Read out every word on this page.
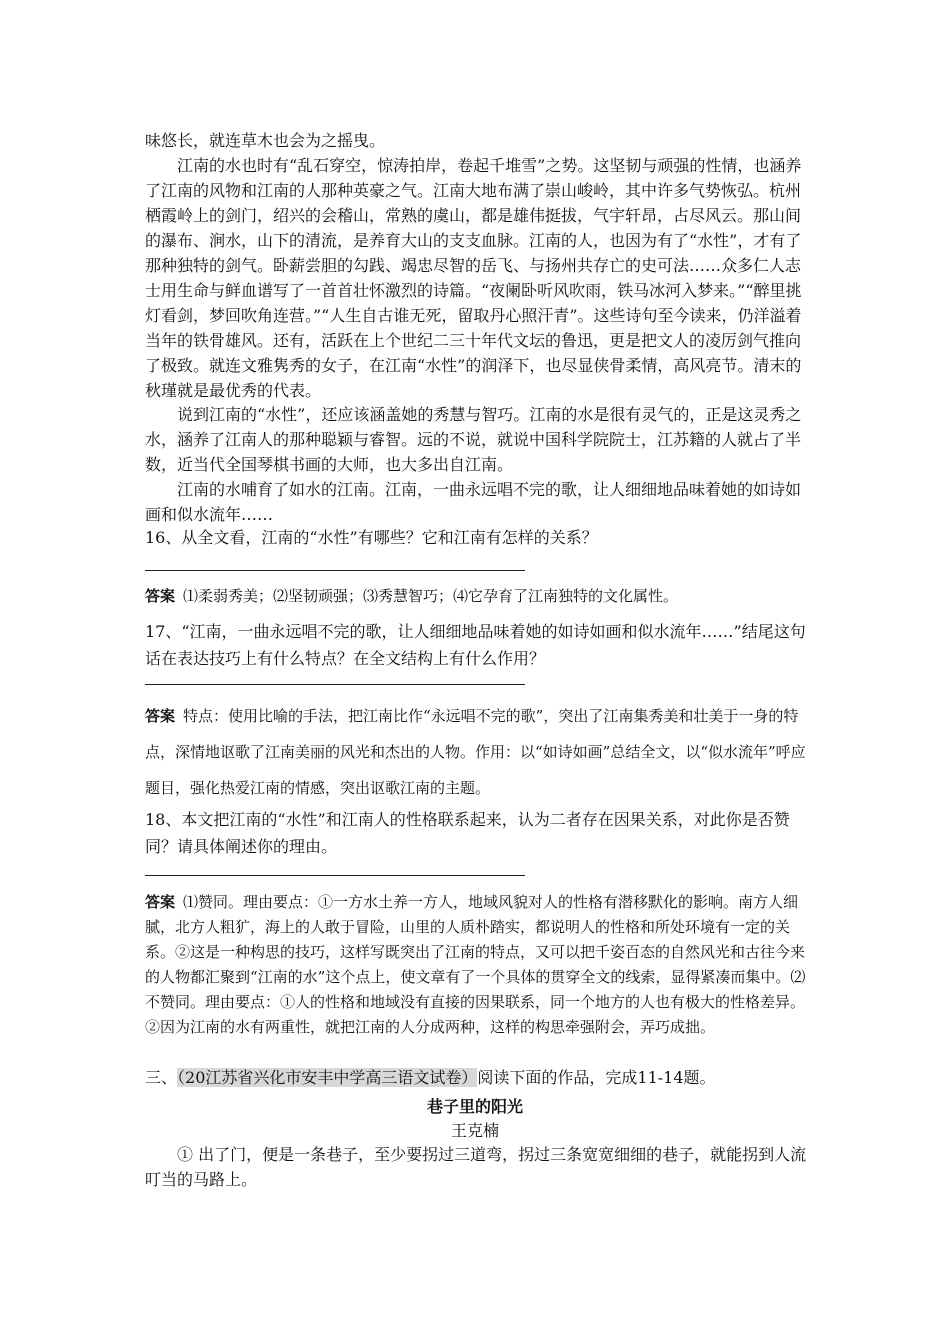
味悠长，就连草木也会为之摇曳。

江南的水也时有“乱石穿空，惊涛拍岸，卷起千堆雪”之势。这坚韧与顽强的性情，也涵养了江南的风物和江南的人那种英豪之气。江南大地布满了崇山峻岭，其中许多气势恢弘。杭州栖霞岭上的剑门，绍兴的会稽山，常熟的虞山，都是雄伟挺拔，气宇轩昂，占尽风云。那山间的瀑布、涧水，山下的清流，是养育大山的支支血脉。江南的人，也因为有了“水性”，才有了那种独特的剑气。卧薪尝胆的勾践、竭忠尽智的岳飞、与扬州共存亡的史可法……众多仁人志士用生命与鲜血谱写了一首首壮怀激烈的诗篇。“夜阑卧听风吹雨，铁马冰河入梦来。”“醉里挑灯看剑，梦回吹角连营。”“人生自古谁无死，留取丹心照汗青”。这些诗句至今读来，仍洋溢着当年的铁骨雄风。还有，活跃在上个世纪二三十年代文坛的鲁迅，更是把文人的凌厉剑气推向了极致。就连文雅隽秀的女子，在江南“水性”的润泽下，也尽显侠骨柔情，高风亮节。清末的秋瑾就是最优秀的代表。

说到江南的“水性”，还应该涵盖她的秀慧与智巧。江南的水是很有灵气的，正是这灵秀之水，涵养了江南人的那种聪颖与睿智。远的不说，就说中国科学院院士，江苏籍的人就占了半数，近当代全国琴棋书画的大师，也大多出自江南。

江南的水哺育了如水的江南。江南，一曲永远唱不完的歌，让人细细地品味着她的如诗如画和似水流年……

16、从全文看，江南的“水性”有哪些？它和江南有怎样的关系？

答案 ⑴柔弱秀美；⑵坚韧顽强；⑶秀慧智巧；⑷它孕育了江南独特的文化属性。

17、“江南，一曲永远唱不完的歌，让人细细地品味着她的如诗如画和似水流年……”结尾这句话在表达技巧上有什么特点？在全文结构上有什么作用？

答案 特点：使用比喻的手法，把江南比作“永远唱不完的歌”，突出了江南集秀美和壮美于一身的特点，深情地讴歌了江南美丽的风光和杰出的人物。作用：以“如诗如画”总结全文，以“似水流年”呼应题目，强化热爱江南的情感，突出讴歌江南的主题。

18、本文把江南的“水性”和江南人的性格联系起来，认为二者存在因果关系，对此你是否赞同？请具体阐述你的理由。

答案 ⑴赞同。理由要点：①一方水土养一方人，地域风貌对人的性格有潜移默化的影响。南方人细腻，北方人粗犷，海上的人敢于冒险，山里的人质朴踏实，都说明人的性格和所处环境有一定的关系。②这是一种构思的技巧，这样写既突出了江南的特点，又可以把千姿百态的自然风光和古往今来的人物都汇聚到“江南的水”这个点上，使文章有了一个具体的贯穿全文的线索，显得紧凑而集中。⑵不赞同。理由要点：①人的性格和地域没有直接的因果联系，同一个地方的人也有极大的性格差异。②因为江南的水有两重性，就把江南的人分成两种，这样的构思牵强附会，弄巧成拙。

三、（20江苏省兴化市安丰中学高三语文试卷）阅读下面的作品，完成11-14题。

巷子里的阳光
王克楠

① 出了门，便是一条巷子，至少要拐过三道弯，拐过三条宽宽细细的巷子，就能拐到人流叮当的马路上。
